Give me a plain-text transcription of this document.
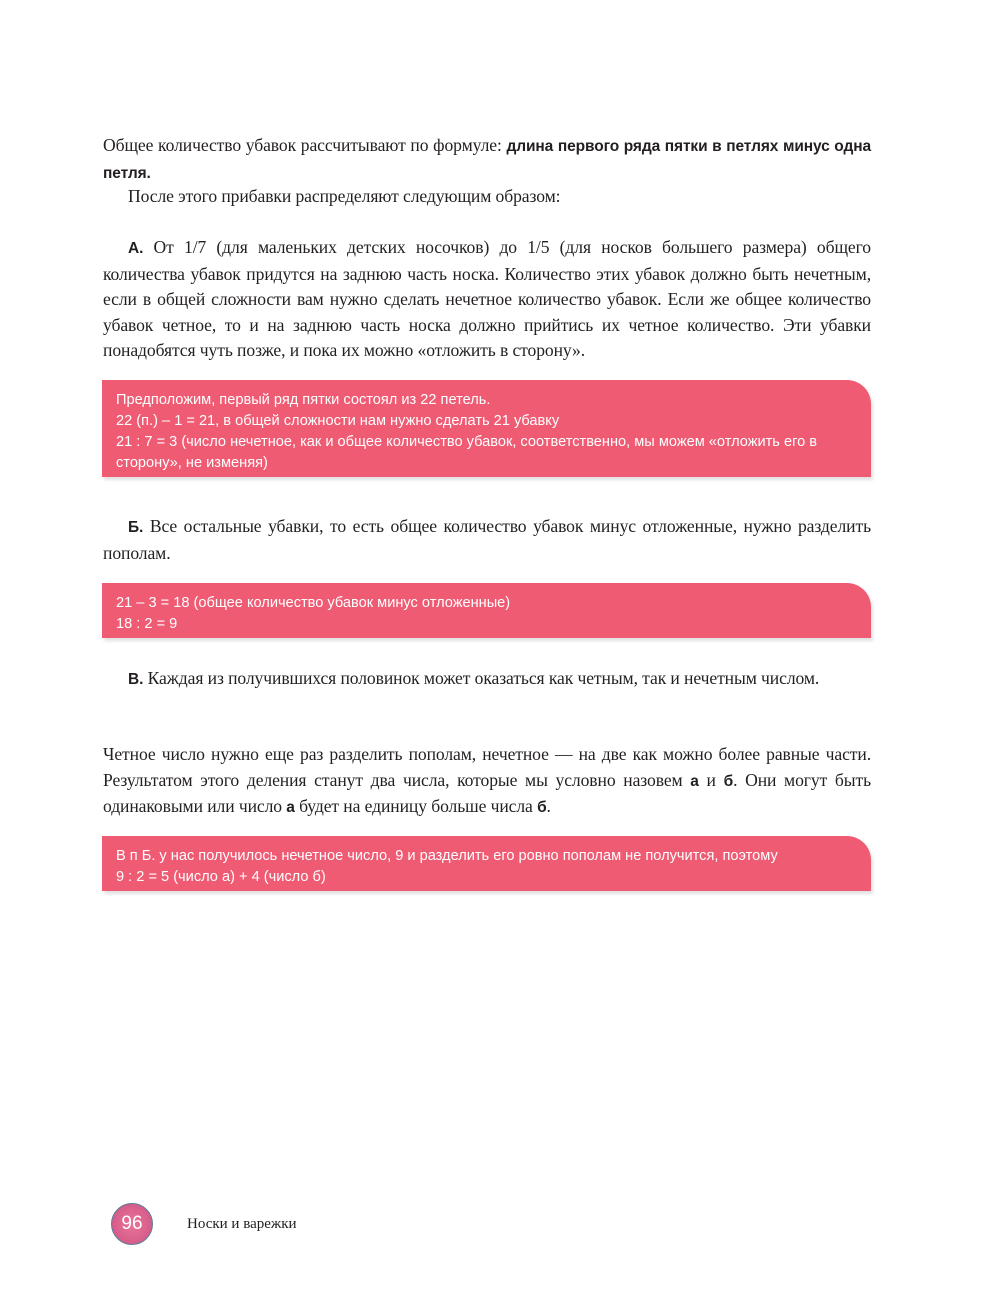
Общее количество убавок рассчитывают по формуле: длина первого ряда пятки в петлях минус одна петля.

После этого прибавки распределяют следующим образом:

А. От 1/7 (для маленьких детских носочков) до 1/5 (для носков большего размера) общего количества убавок придутся на заднюю часть носка. Количество этих убавок должно быть нечетным, если в общей сложности вам нужно сделать нечетное количество убавок. Если же общее количество убавок четное, то и на заднюю часть носка должно прийтись их четное количество. Эти убавки понадобятся чуть позже, и пока их можно «отложить в сторону».

Предположим, первый ряд пятки состоял из 22 петель.

22 (п.) – 1 = 21, в общей сложности нам нужно сделать 21 убавку

21 : 7 = 3 (число нечетное, как и общее количество убавок, соответственно, мы можем «отложить его в сторону», не изменяя)

Б. Все остальные убавки, то есть общее количество убавок минус отложенные, нужно разделить пополам.

21 – 3 = 18 (общее количество убавок минус отложенные)

18 : 2 = 9

В. Каждая из получившихся половинок может оказаться как четным, так и нечетным числом.

Четное число нужно еще раз разделить пополам, нечетное — на две как можно более равные части. Результатом этого деления станут два числа, которые мы условно назовем а и б. Они могут быть одинаковыми или число а будет на единицу больше числа б.

В п Б. у нас получилось нечетное число, 9 и разделить его ровно пополам не получится, поэтому

9 : 2 = 5 (число а) + 4 (число б)

96	Носки и варежки
